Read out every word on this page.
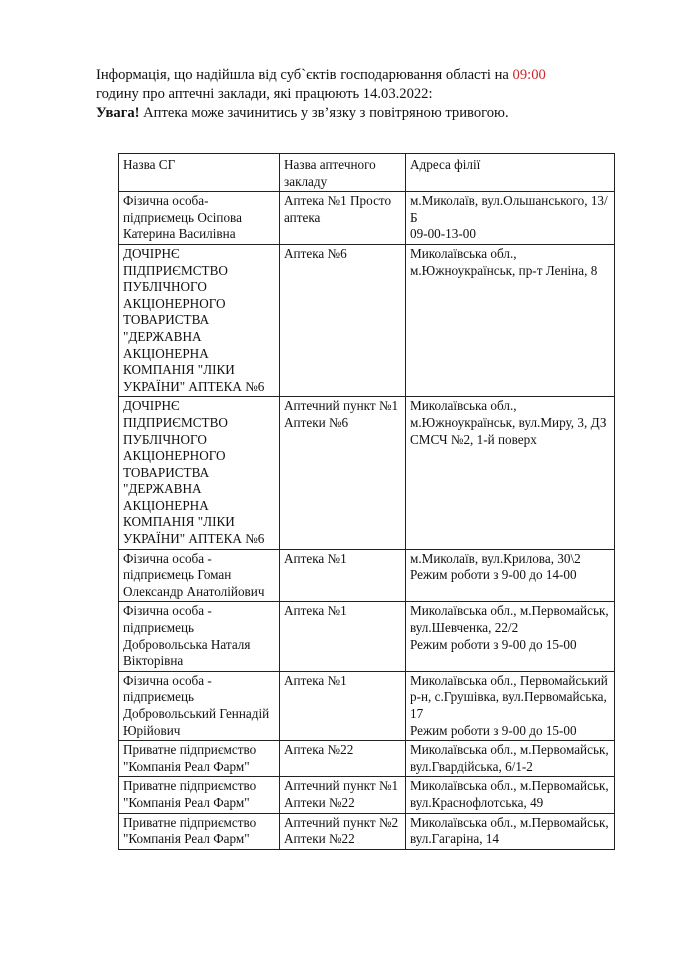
Інформація, що надійшла від суб`єктів господарювання області на 09:00
годину про аптечні заклади, які працюють 14.03.2022:
Увага! Аптека може зачинитись у зв’язку з повітряною тривогою.
Назва СГ	Назва аптечного закладу	Адреса філії
Фізична особа-підприємець Осіпова Катерина Василівна	Аптека №1 Просто аптека	м.Миколаїв, вул.Ольшанського, 13/Б
09-00-13-00

ДОЧІРНЄ ПІДПРИЄМСТВО ПУБЛІЧНОГО АКЦІОНЕРНОГО ТОВАРИСТВА "ДЕРЖАВНА АКЦІОНЕРНА КОМПАНІЯ "ЛІКИ УКРАЇНИ" АПТЕКА №6	Аптека №6	Миколаївська обл., м.Южноукраїнськ, пр-т Леніна, 8

ДОЧІРНЄ ПІДПРИЄМСТВО ПУБЛІЧНОГО АКЦІОНЕРНОГО ТОВАРИСТВА "ДЕРЖАВНА АКЦІОНЕРНА КОМПАНІЯ "ЛІКИ УКРАЇНИ" АПТЕКА №6	Аптечний пункт №1 Аптеки №6	Миколаївська обл., м.Южноукраїнськ, вул.Миру, 3, ДЗ СМСЧ №2, 1-й поверх

Фізична особа - підприємець Гоман Олександр Анатолійович	Аптека №1	м.Миколаїв, вул.Крилова, 30\2
Режим роботи з 9-00 до 14-00

Фізична особа - підприємець Добровольська Наталя Вікторівна	Аптека №1	Миколаївська обл., м.Первомайськ, вул.Шевченка, 22/2
Режим роботи з 9-00 до 15-00

Фізична особа - підприємець Добровольський Геннадій Юрійович	Аптека №1	Миколаївська обл., Первомайський р-н, с.Грушівка, вул.Первомайська, 17
Режим роботи з 9-00 до 15-00

Приватне підприємство "Компанія Реал Фарм"	Аптека №22	Миколаївська обл., м.Первомайськ, вул.Гвардійська, 6/1-2

Приватне підприємство "Компанія Реал Фарм"	Аптечний пункт №1 Аптеки №22	Миколаївська обл., м.Первомайськ, вул.Краснофлотська, 49

Приватне підприємство "Компанія Реал Фарм"	Аптечний пункт №2 Аптеки №22	Миколаївська обл., м.Первомайськ, вул.Гагаріна, 14
